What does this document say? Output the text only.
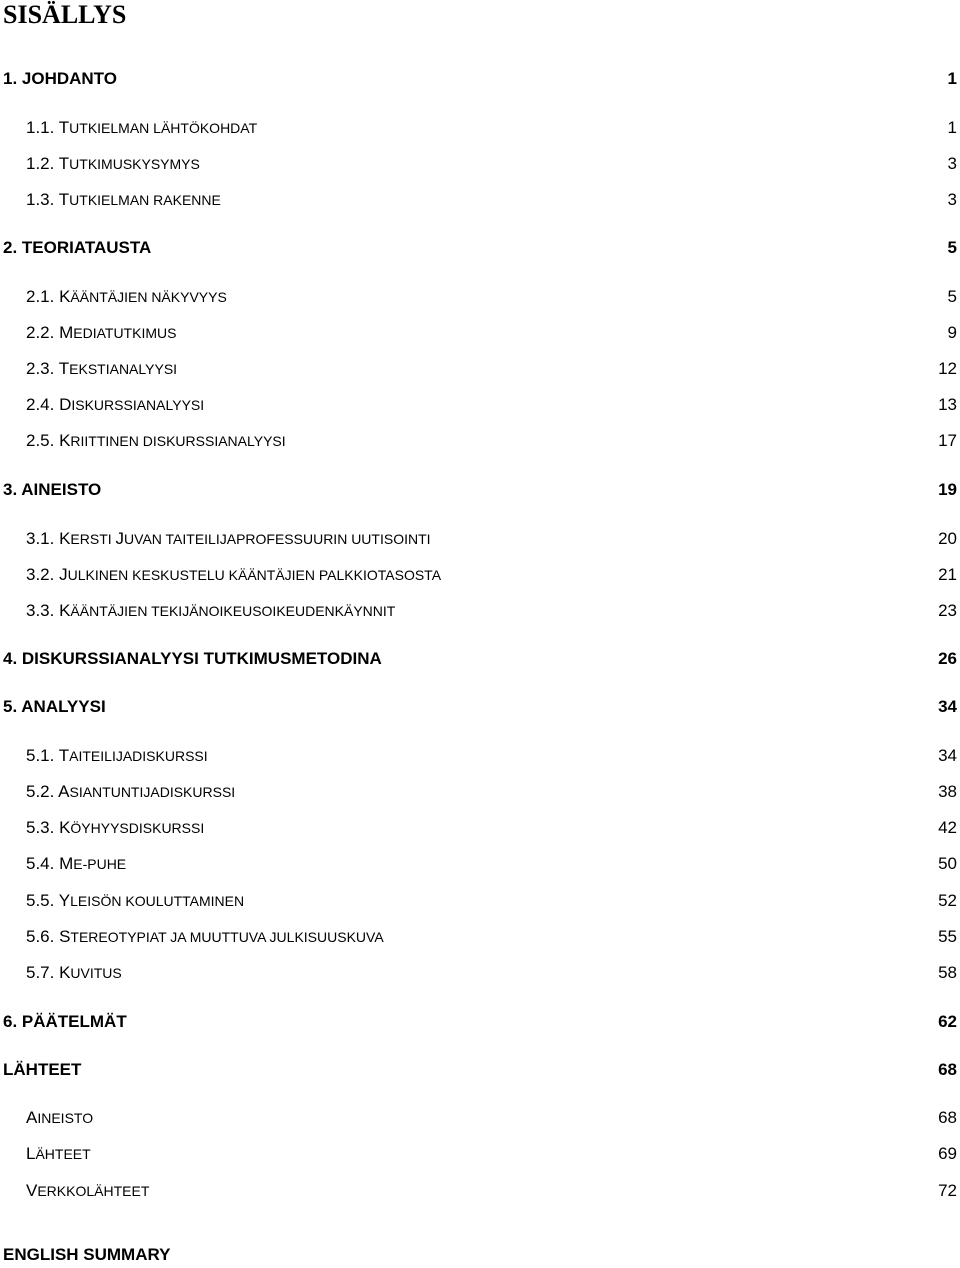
SISÄLLYS
1. JOHDANTO	1
1.1. TUTKIELMAN LÄHTÖKOHDAT	1
1.2. TUTKIMUSKYSYMYS	3
1.3. TUTKIELMAN RAKENNE	3
2. TEORIATAUSTA	5
2.1. KÄÄNTÄJIEN NÄKYVYYS	5
2.2. MEDIATUTKIMUS	9
2.3. TEKSTIANALYYSI	12
2.4. DISKURSSIANALYYSI	13
2.5. KRIITTINEN DISKURSSIANALYYSI	17
3. AINEISTO	19
3.1. KERSTI JUVAN TAITEILIJAPROFESSUURIN UUTISOINTI	20
3.2. JULKINEN KESKUSTELU KÄÄNTÄJIEN PALKKIOTASOSTA	21
3.3. KÄÄNTÄJIEN TEKIJÄNOIKEUSOIKEUDENKÄYNNIT	23
4. DISKURSSIANALYYSI TUTKIMUSMETODINA	26
5. ANALYYSI	34
5.1. TAITEILIJADISKURSSI	34
5.2. ASIANTUNTIJADISKURSSI	38
5.3. KÖYHYYSDISKURSSI	42
5.4. ME-PUHE	50
5.5. YLEISÖN KOULUTTAMINEN	52
5.6. STEREOTYPIAT JA MUUTTUVA JULKISUUSKUVA	55
5.7. KUVITUS	58
6. PÄÄTELMÄT	62
LÄHTEET	68
AINEISTO	68
LÄHTEET	69
VERKKOLÄHTEET	72
ENGLISH SUMMARY
